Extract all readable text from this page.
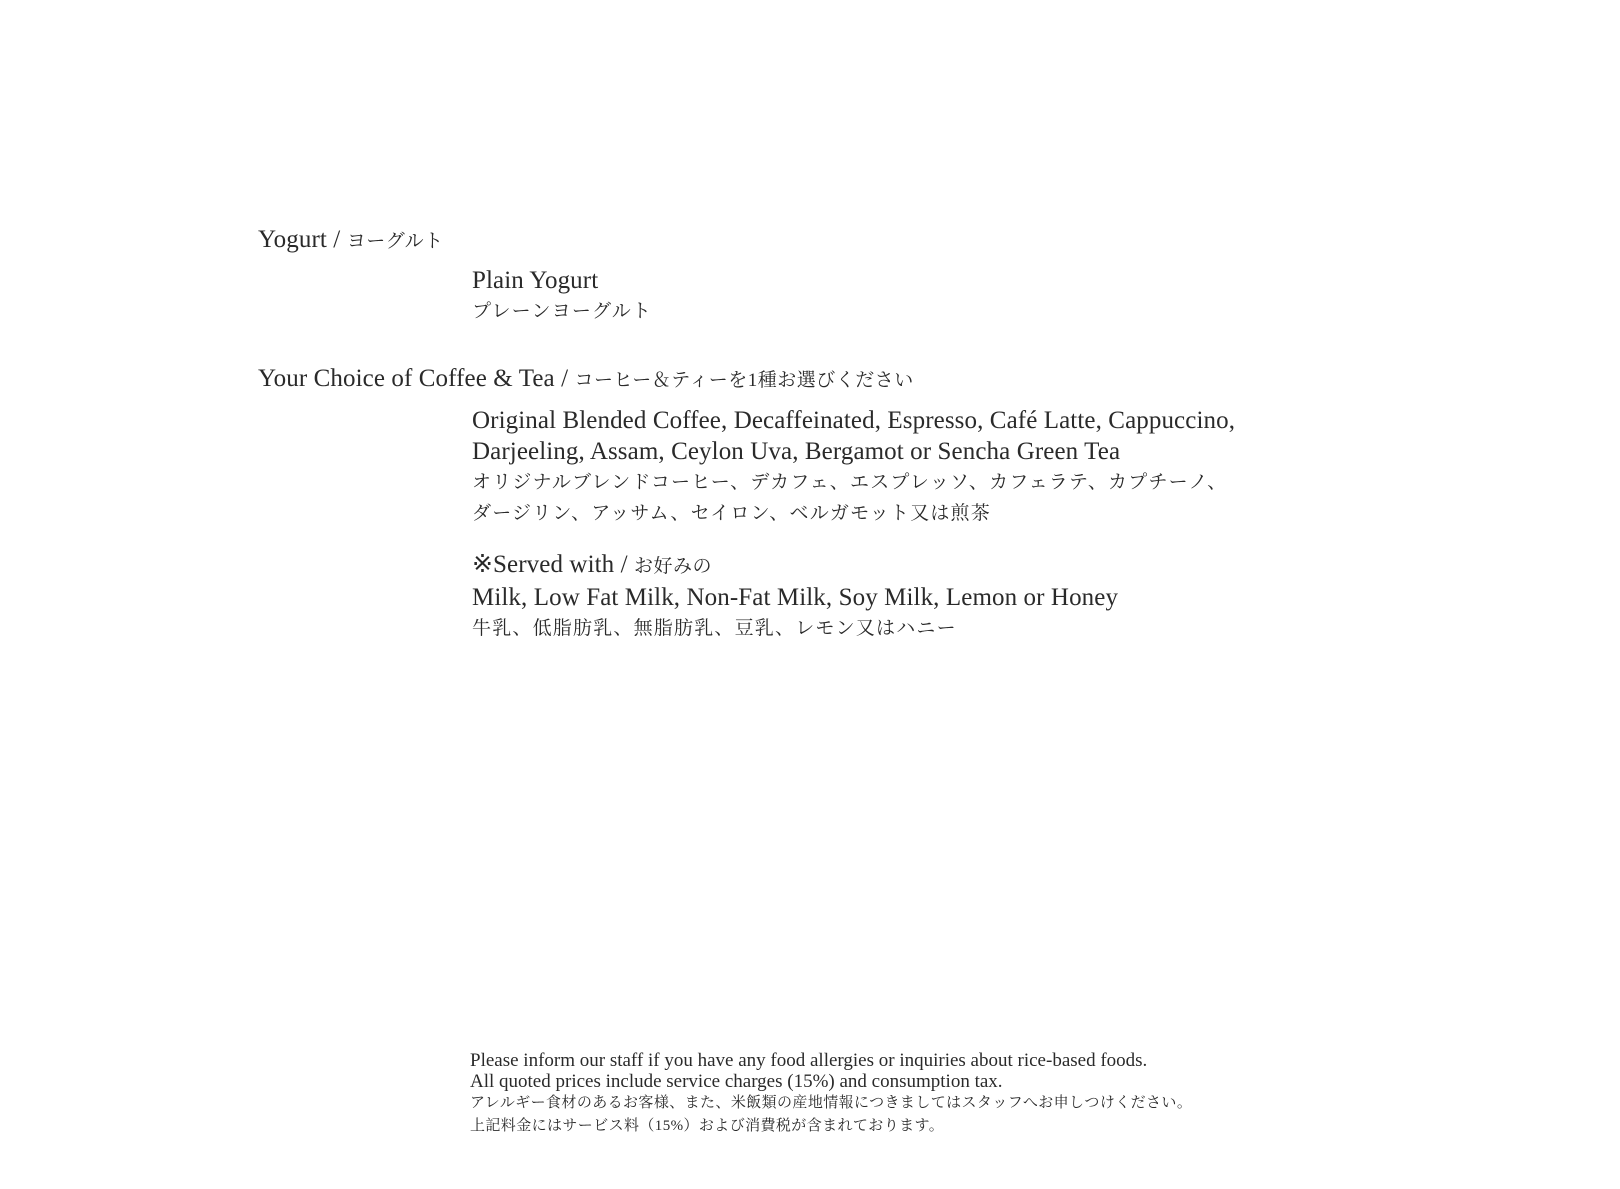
Yogurt / ヨーグルト
Plain Yogurt
プレーンヨーグルト
Your Choice of Coffee & Tea / コーヒー＆ティーを1種お選びください
Original Blended Coffee, Decaffeinated, Espresso, Café Latte, Cappuccino,
Darjeeling, Assam, Ceylon Uva, Bergamot or Sencha Green Tea
オリジナルブレンドコーヒー、デカフェ、エスプレッソ、カフェラテ、カプチーノ、
ダージリン、アッサム、セイロン、ベルガモット又は煎茶
※Served with / お好みの
Milk, Low Fat Milk, Non-Fat Milk, Soy Milk, Lemon or Honey
牛乳、低脂肪乳、無脂肪乳、豆乳、レモン又はハニー
Please inform our staff if you have any food allergies or inquiries about rice-based foods.
All quoted prices include service charges (15%) and consumption tax.
アレルギー食材のあるお客様、また、米飯類の産地情報につきましてはスタッフへお申しつけください。
上記料金にはサービス料（15%）および消費税が含まれております。
